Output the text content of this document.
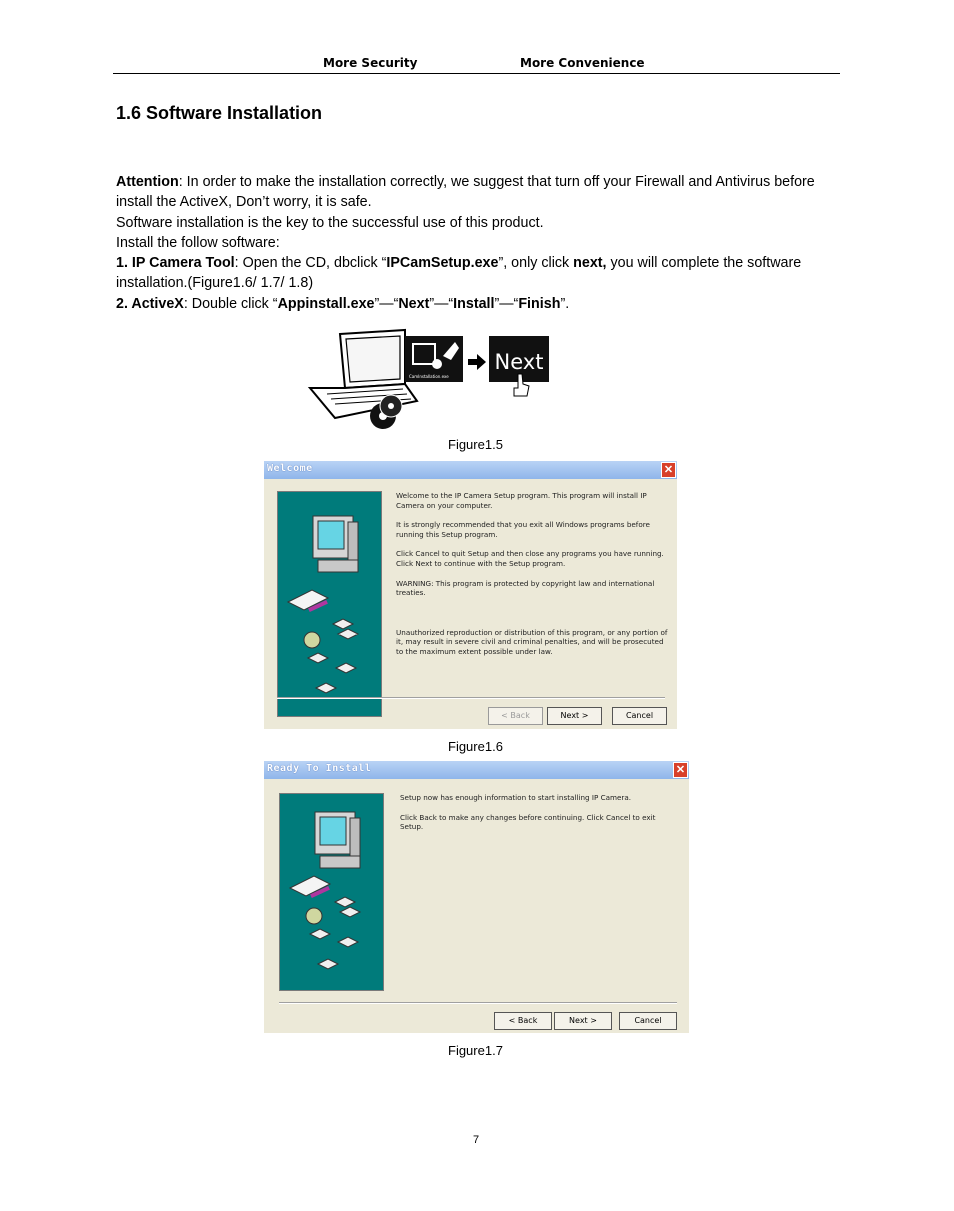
More Security	More Convenience
1.6 Software Installation

Attention: In order to make the installation correctly, we suggest that turn off your Firewall and Antivirus before install the ActiveX, Don’t worry, it is safe.

Software installation is the key to the successful use of this product.

Install the follow software:

1. IP Camera Tool: Open the CD, dbclick “IPCamSetup.exe”, only click next, you will complete the software installation.(Figure1.6/ 1.7/ 1.8)

2. ActiveX: Double click “Appinstall.exe”—“Next”—“Install”—“Finish”.

CamInstallation.exe
Next
Figure1.5
Welcome	✕

Welcome to the IP Camera Setup program. This program will install IP Camera on your computer.

It is strongly recommended that you exit all Windows programs before running this Setup program.

Click Cancel to quit Setup and then close any programs you have running. Click Next to continue with the Setup program.

WARNING: This program is protected by copyright law and international treaties.

Unauthorized reproduction or distribution of this program, or any portion of it, may result in severe civil and criminal penalties, and will be prosecuted to the maximum extent possible under law.

< Back	Next >	Cancel
Figure1.6
Ready To Install	✕

Setup now has enough information to start installing IP Camera.

Click Back to make any changes before continuing. Click Cancel to exit Setup.

< Back	Next >	Cancel
Figure1.7
7
